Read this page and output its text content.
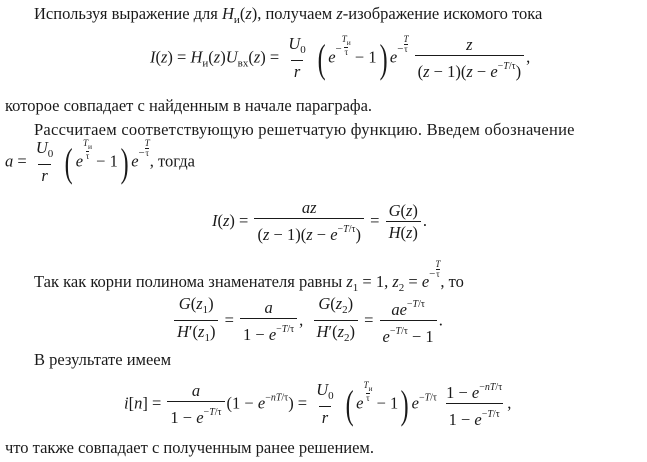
Используя выражение для $H_и(z)$, получаем z-изображение искомого тока
$I(z) = H_и(z)U_{вх}(z) = \frac{U_0}{r}$ ( e−
$T_и$
τ − 1) $e- \frac{T}{\tau}$
$\frac{z}{(z - 1)(z - e^{-T/\tau})}$ ,
которое совпадает с найденным в начале параграфа.
Рассчитаем соответствующую решетчатую функцию. Введем обозначение
$a = \frac{U_0}{r}$ ( e
$T_и$
τ − 1) $e- \frac{T}{\tau}$
, тогда
$I(z) = \frac{az}{(z - 1)(z - e^{-T/\tau})} = \frac{G(z)}{H(z)}$ .
Так как корни полинома знаменателя равны $z_1 = 1$, $z_2 = e- \frac{T}{\tau}$
, то
$\frac{G(z_1)}{H'(z_1)} = \frac{a}{1 - e^{-T/\tau}}$ , $\frac{G(z_2)}{H'(z_2)} = \frac{ae^{-T/\tau}}{e^{-T/\tau} - 1}$ .
В результате имеем
$i[n] = \frac{a}{1 - e^{-T/\tau}} (1 - e^{-nT/\tau}) = \frac{U_0}{r}$ ( e
$T_и$
τ − 1) $e^{-T/\tau} \frac{1 - e^{-nT/\tau}}{1 - e^{-T/\tau}}$ ,
что также совпадает с полученным ранее решением.
